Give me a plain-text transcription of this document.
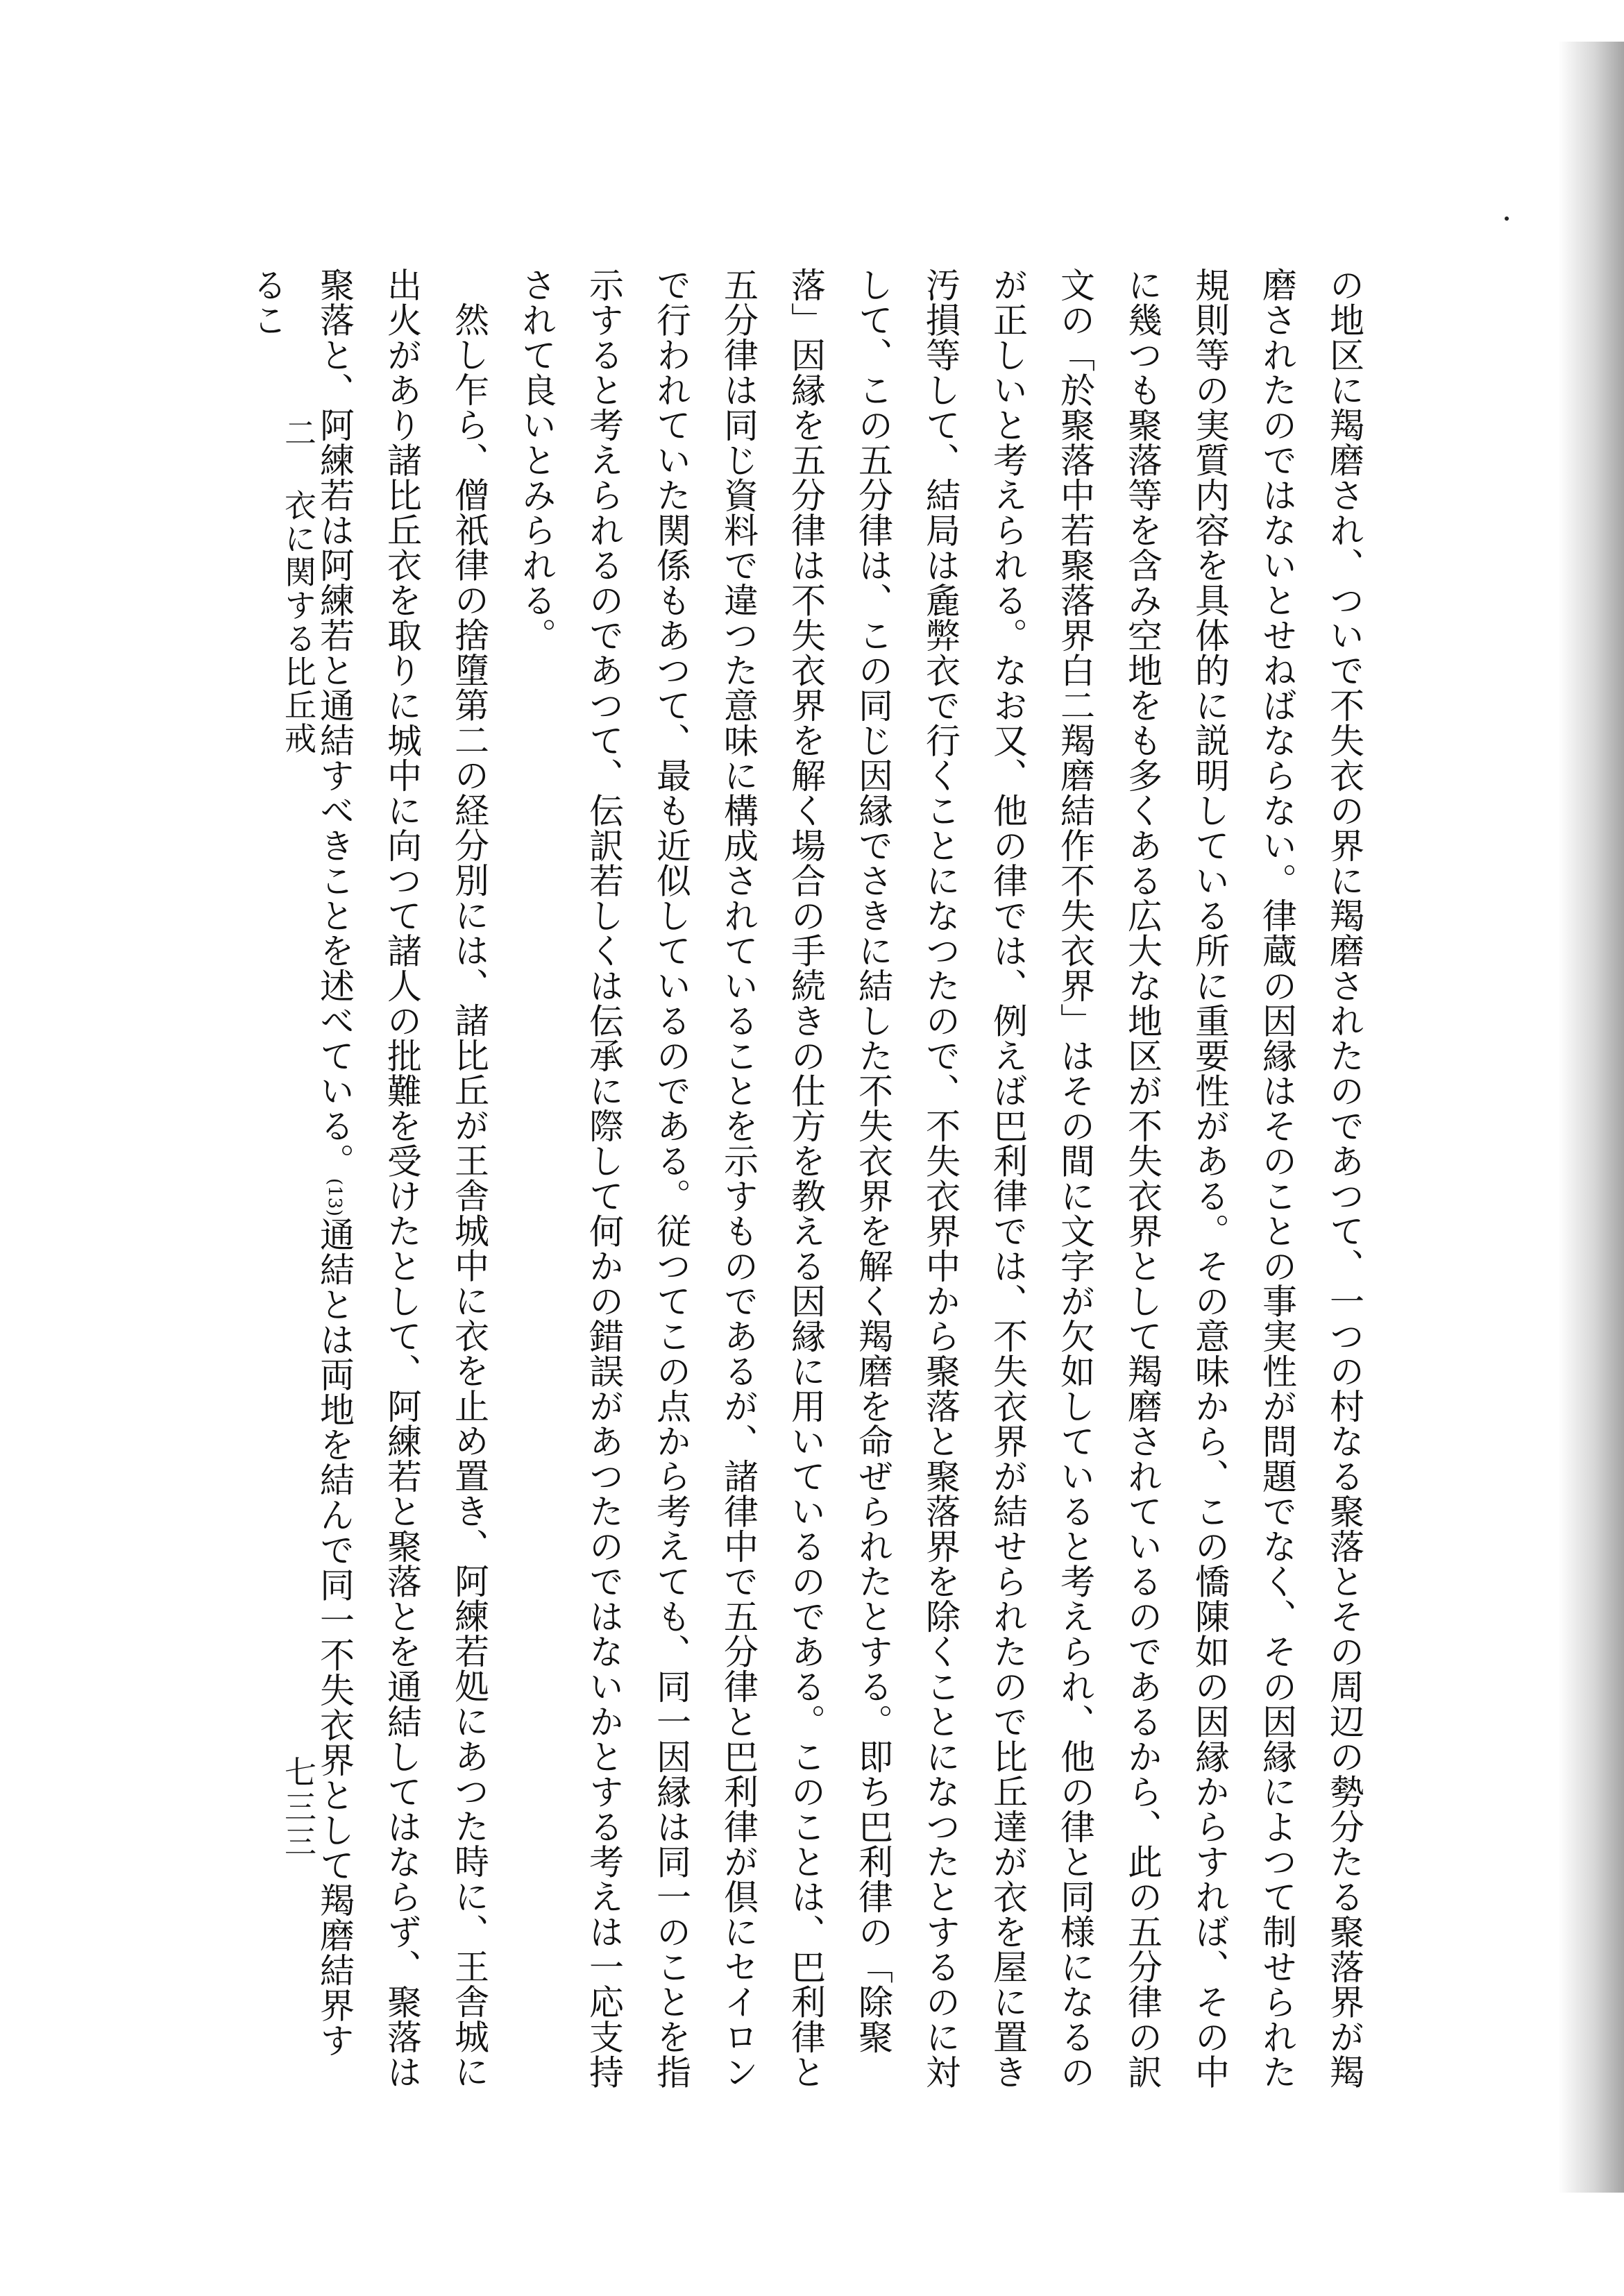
の地区に羯磨され、ついで不失衣の界に羯磨されたのであつて、一つの村なる聚落とその周辺の勢分たる聚落界が羯磨されたのではないとせねばならない。律蔵の因縁はそのことの事実性が問題でなく、その因縁によつて制せられた規則等の実質内容を具体的に説明している所に重要性がある。その意味から、この憍陳如の因縁からすれば、その中に幾つも聚落等を含み空地をも多くある広大な地区が不失衣界として羯磨されているのであるから、此の五分律の訳文の「於聚落中若聚落界白二羯磨結作不失衣界」はその間に文字が欠如していると考えられ、他の律と同様になるのが正しいと考えられる。なお又、他の律では、例えば巴利律では、不失衣界が結せられたので比丘達が衣を屋に置き汚損等して、結局は麁弊衣で行くことになつたので、不失衣界中から聚落と聚落界を除くことになつたとするのに対して、この五分律は、この同じ因縁でさきに結した不失衣界を解く羯磨を命ぜられたとする。即ち巴利律の「除聚落」因縁を五分律は不失衣界を解く場合の手続きの仕方を教える因縁に用いているのである。このことは、巴利律と五分律は同じ資料で違つた意味に構成されていることを示すものであるが、諸律中で五分律と巴利律が倶にセイロンで行われていた関係もあつて、最も近似しているのである。従つてこの点から考えても、同一因縁は同一のことを指示すると考えられるのであつて、伝訳若しくは伝承に際して何かの錯誤があつたのではないかとする考えは一応支持されて良いとみられる。

然し乍ら、僧祇律の捨墮第二の経分別には、諸比丘が王舎城中に衣を止め置き、阿練若処にあつた時に、王舎城に出火があり諸比丘衣を取りに城中に向つて諸人の批難を受けたとして、阿練若と聚落とを通結してはならず、聚落は聚落と、阿練若は阿練若と通結すべきことを述べている。(13)通結とは両地を結んで同一不失衣界として羯磨結界するこ

二 衣に関する比丘戒
七三三
